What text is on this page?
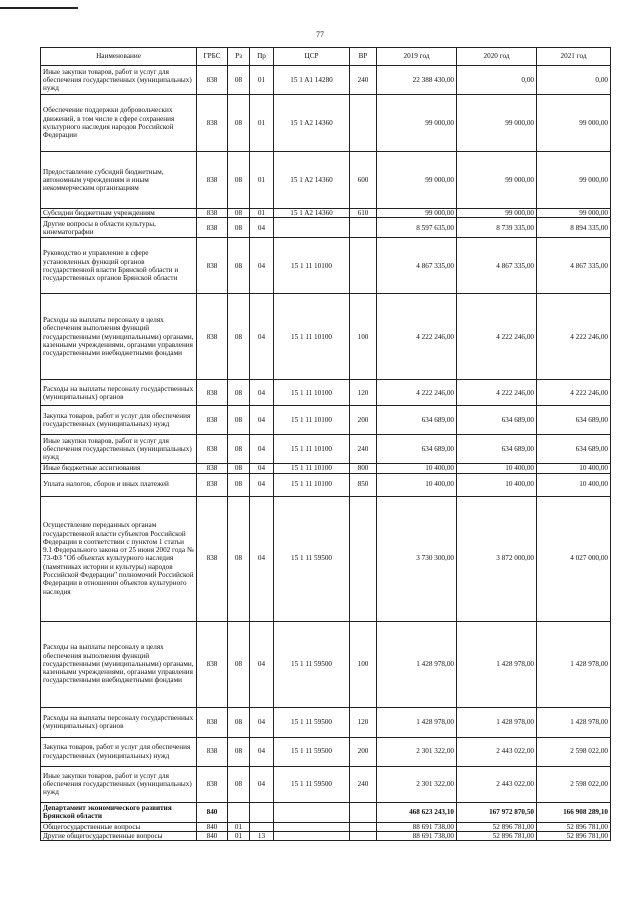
77
Наименование	ГРБС	Рз	Пр	ЦСР	ВР	2019 год	2020 год	2021 год
Иные закупки товаров, работ и услуг для обеспечения государственных (муниципальных) нужд	838	08	01	15 1 A1 14280	240	22 388 430,00	0,00	0,00
Обеспечение поддержки добровольческих движений, в том числе в сфере сохранения культурного наследия народов Российской Федерации	838	08	01	15 1 A2 14360		99 000,00	99 000,00	99 000,00
Предоставление субсидий бюджетным, автономным учреждениям и иным некоммерческим организациям	838	08	01	15 1 A2 14360	600	99 000,00	99 000,00	99 000,00
Субсидии бюджетным учреждениям	838	08	01	15 1 A2 14360	610	99 000,00	99 000,00	99 000,00
Другие вопросы в области культуры, кинематографии	838	08	04			8 597 635,00	8 739 335,00	8 894 335,00
Руководство и управление в сфере установленных функций органов государственной власти Брянской области и государственных органов Брянской области	838	08	04	15 1 11 10100		4 867 335,00	4 867 335,00	4 867 335,00
Расходы на выплаты персоналу в целях обеспечения выполнения функций государственными (муниципальными) органами, казенными учреждениями, органами управления государственными внебюджетными фондами	838	08	04	15 1 11 10100	100	4 222 246,00	4 222 246,00	4 222 246,00
Расходы на выплаты персоналу государственных (муниципальных) органов	838	08	04	15 1 11 10100	120	4 222 246,00	4 222 246,00	4 222 246,00
Закупка товаров, работ и услуг для обеспечения государственных (муниципальных) нужд	838	08	04	15 1 11 10100	200	634 689,00	634 689,00	634 689,00
Иные закупки товаров, работ и услуг для обеспечения государственных (муниципальных) нужд	838	08	04	15 1 11 10100	240	634 689,00	634 689,00	634 689,00
Иные бюджетные ассигнования	838	08	04	15 1 11 10100	800	10 400,00	10 400,00	10 400,00
Уплата налогов, сборов и иных платежей	838	08	04	15 1 11 10100	850	10 400,00	10 400,00	10 400,00
Осуществление переданных органам государственной власти субъектов Российской Федерации в соответствии с пунктом 1 статьи 9.1 Федерального закона от 25 июня 2002 года № 73-ФЗ "Об объектах культурного наследия (памятниках истории и культуры) народов Российской Федерации" полномочий Российской Федерации в отношении объектов культурного наследия	838	08	04	15 1 11 59500		3 730 300,00	3 872 000,00	4 027 000,00
Расходы на выплаты персоналу в целях обеспечения выполнения функций государственными (муниципальными) органами, казенными учреждениями, органами управления государственными внебюджетными фондами	838	08	04	15 1 11 59500	100	1 428 978,00	1 428 978,00	1 428 978,00
Расходы на выплаты персоналу государственных (муниципальных) органов	838	08	04	15 1 11 59500	120	1 428 978,00	1 428 978,00	1 428 978,00
Закупка товаров, работ и услуг для обеспечения государственных (муниципальных) нужд	838	08	04	15 1 11 59500	200	2 301 322,00	2 443 022,00	2 598 022,00
Иные закупки товаров, работ и услуг для обеспечения государственных (муниципальных) нужд	838	08	04	15 1 11 59500	240	2 301 322,00	2 443 022,00	2 598 022,00
Департамент экономического развития Брянской области	840					468 623 243,10	167 972 870,50	166 908 289,10
Общегосударственные вопросы	840	01				88 691 738,00	52 896 781,00	52 896 781,00
Другие общегосударственные вопросы	840	01	13			88 691 738,00	52 896 781,00	52 896 781,00
